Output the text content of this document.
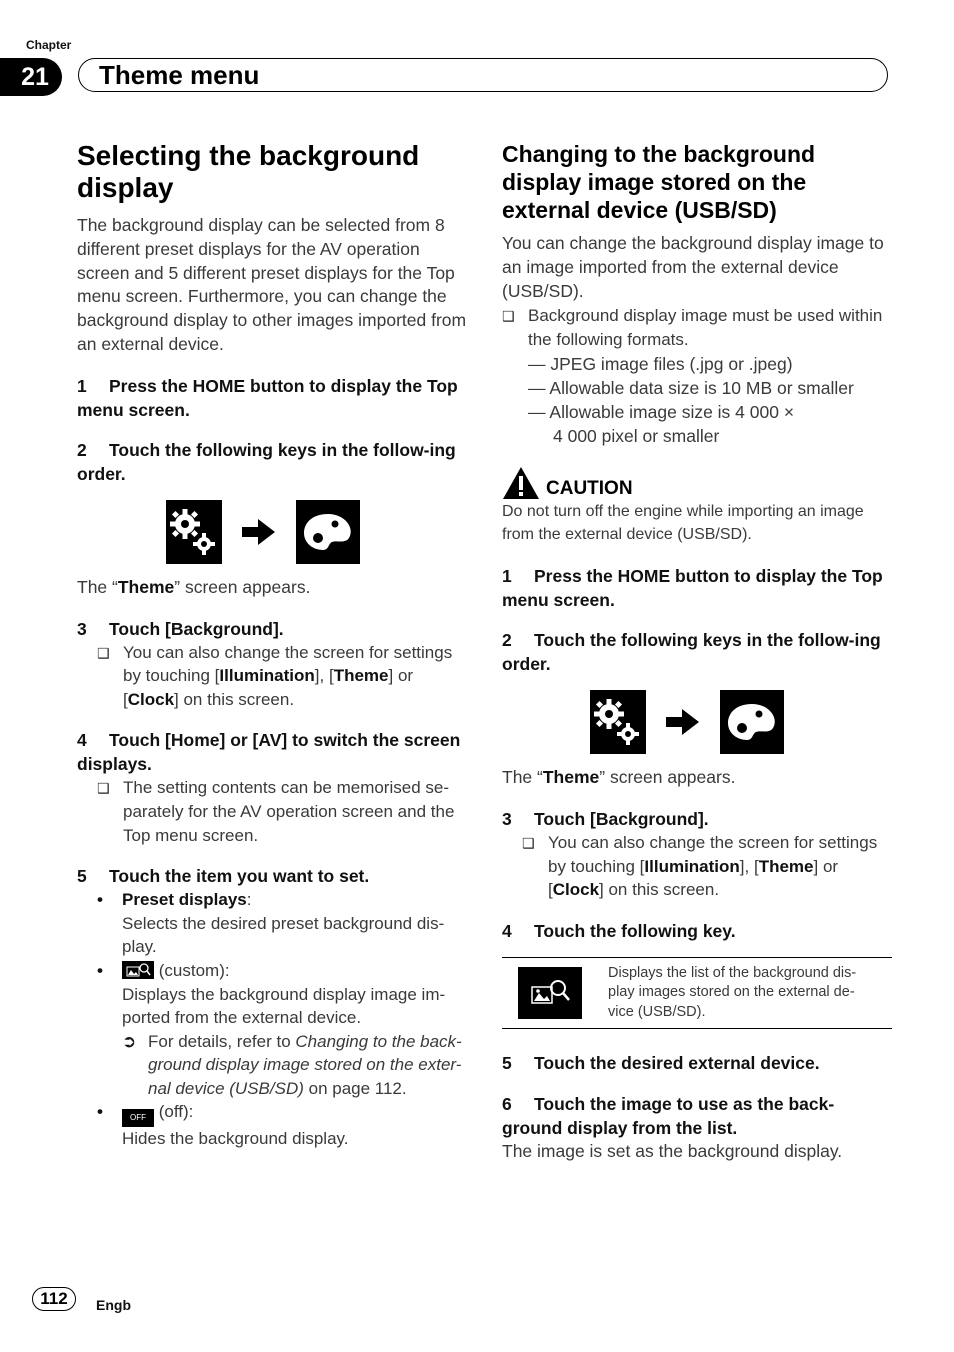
Chapter
21	Theme menu
Selecting the background display

The background display can be selected from 8 different preset displays for the AV operation screen and 5 different preset displays for the Top menu screen. Furthermore, you can change the background display to other images imported from an external device.

1 Press the HOME button to display the Top menu screen.
2 Touch the following keys in the follow-ing order.

The “Theme” screen appears.

3 Touch [Background].
❑ You can also change the screen for settings by touching [Illumination], [Theme] or [Clock] on this screen.
4 Touch [Home] or [AV] to switch the screen displays.
❑ The setting contents can be memorised se-parately for the AV operation screen and the Top menu screen.
5 Touch the item you want to set.
•	Preset displays:
Selects the desired preset background dis-play.
•	(custom):
Displays the background display image im-ported from the external device.
➲ For details, refer to Changing to the back-ground display image stored on the exter-nal device (USB/SD) on page 112.
•	OFF (off):
Hides the background display.
Changing to the background display image stored on the external device (USB/SD)

You can change the background display image to an image imported from the external device (USB/SD).

❑ Background display image must be used within the following formats.
— JPEG image files (.jpg or .jpeg)
— Allowable data size is 10 MB or smaller
— Allowable image size is 4 000 ×
4 000 pixel or smaller
CAUTION

Do not turn off the engine while importing an image from the external device (USB/SD).

1 Press the HOME button to display the Top menu screen.
2 Touch the following keys in the follow-ing order.

The “Theme” screen appears.

3 Touch [Background].
❑ You can also change the screen for settings by touching [Illumination], [Theme] or [Clock] on this screen.
4 Touch the following key.
Displays the list of the background dis-play images stored on the external de-vice (USB/SD).
5 Touch the desired external device.
6 Touch the image to use as the back-ground display from the list.

The image is set as the background display.

112	Engb
